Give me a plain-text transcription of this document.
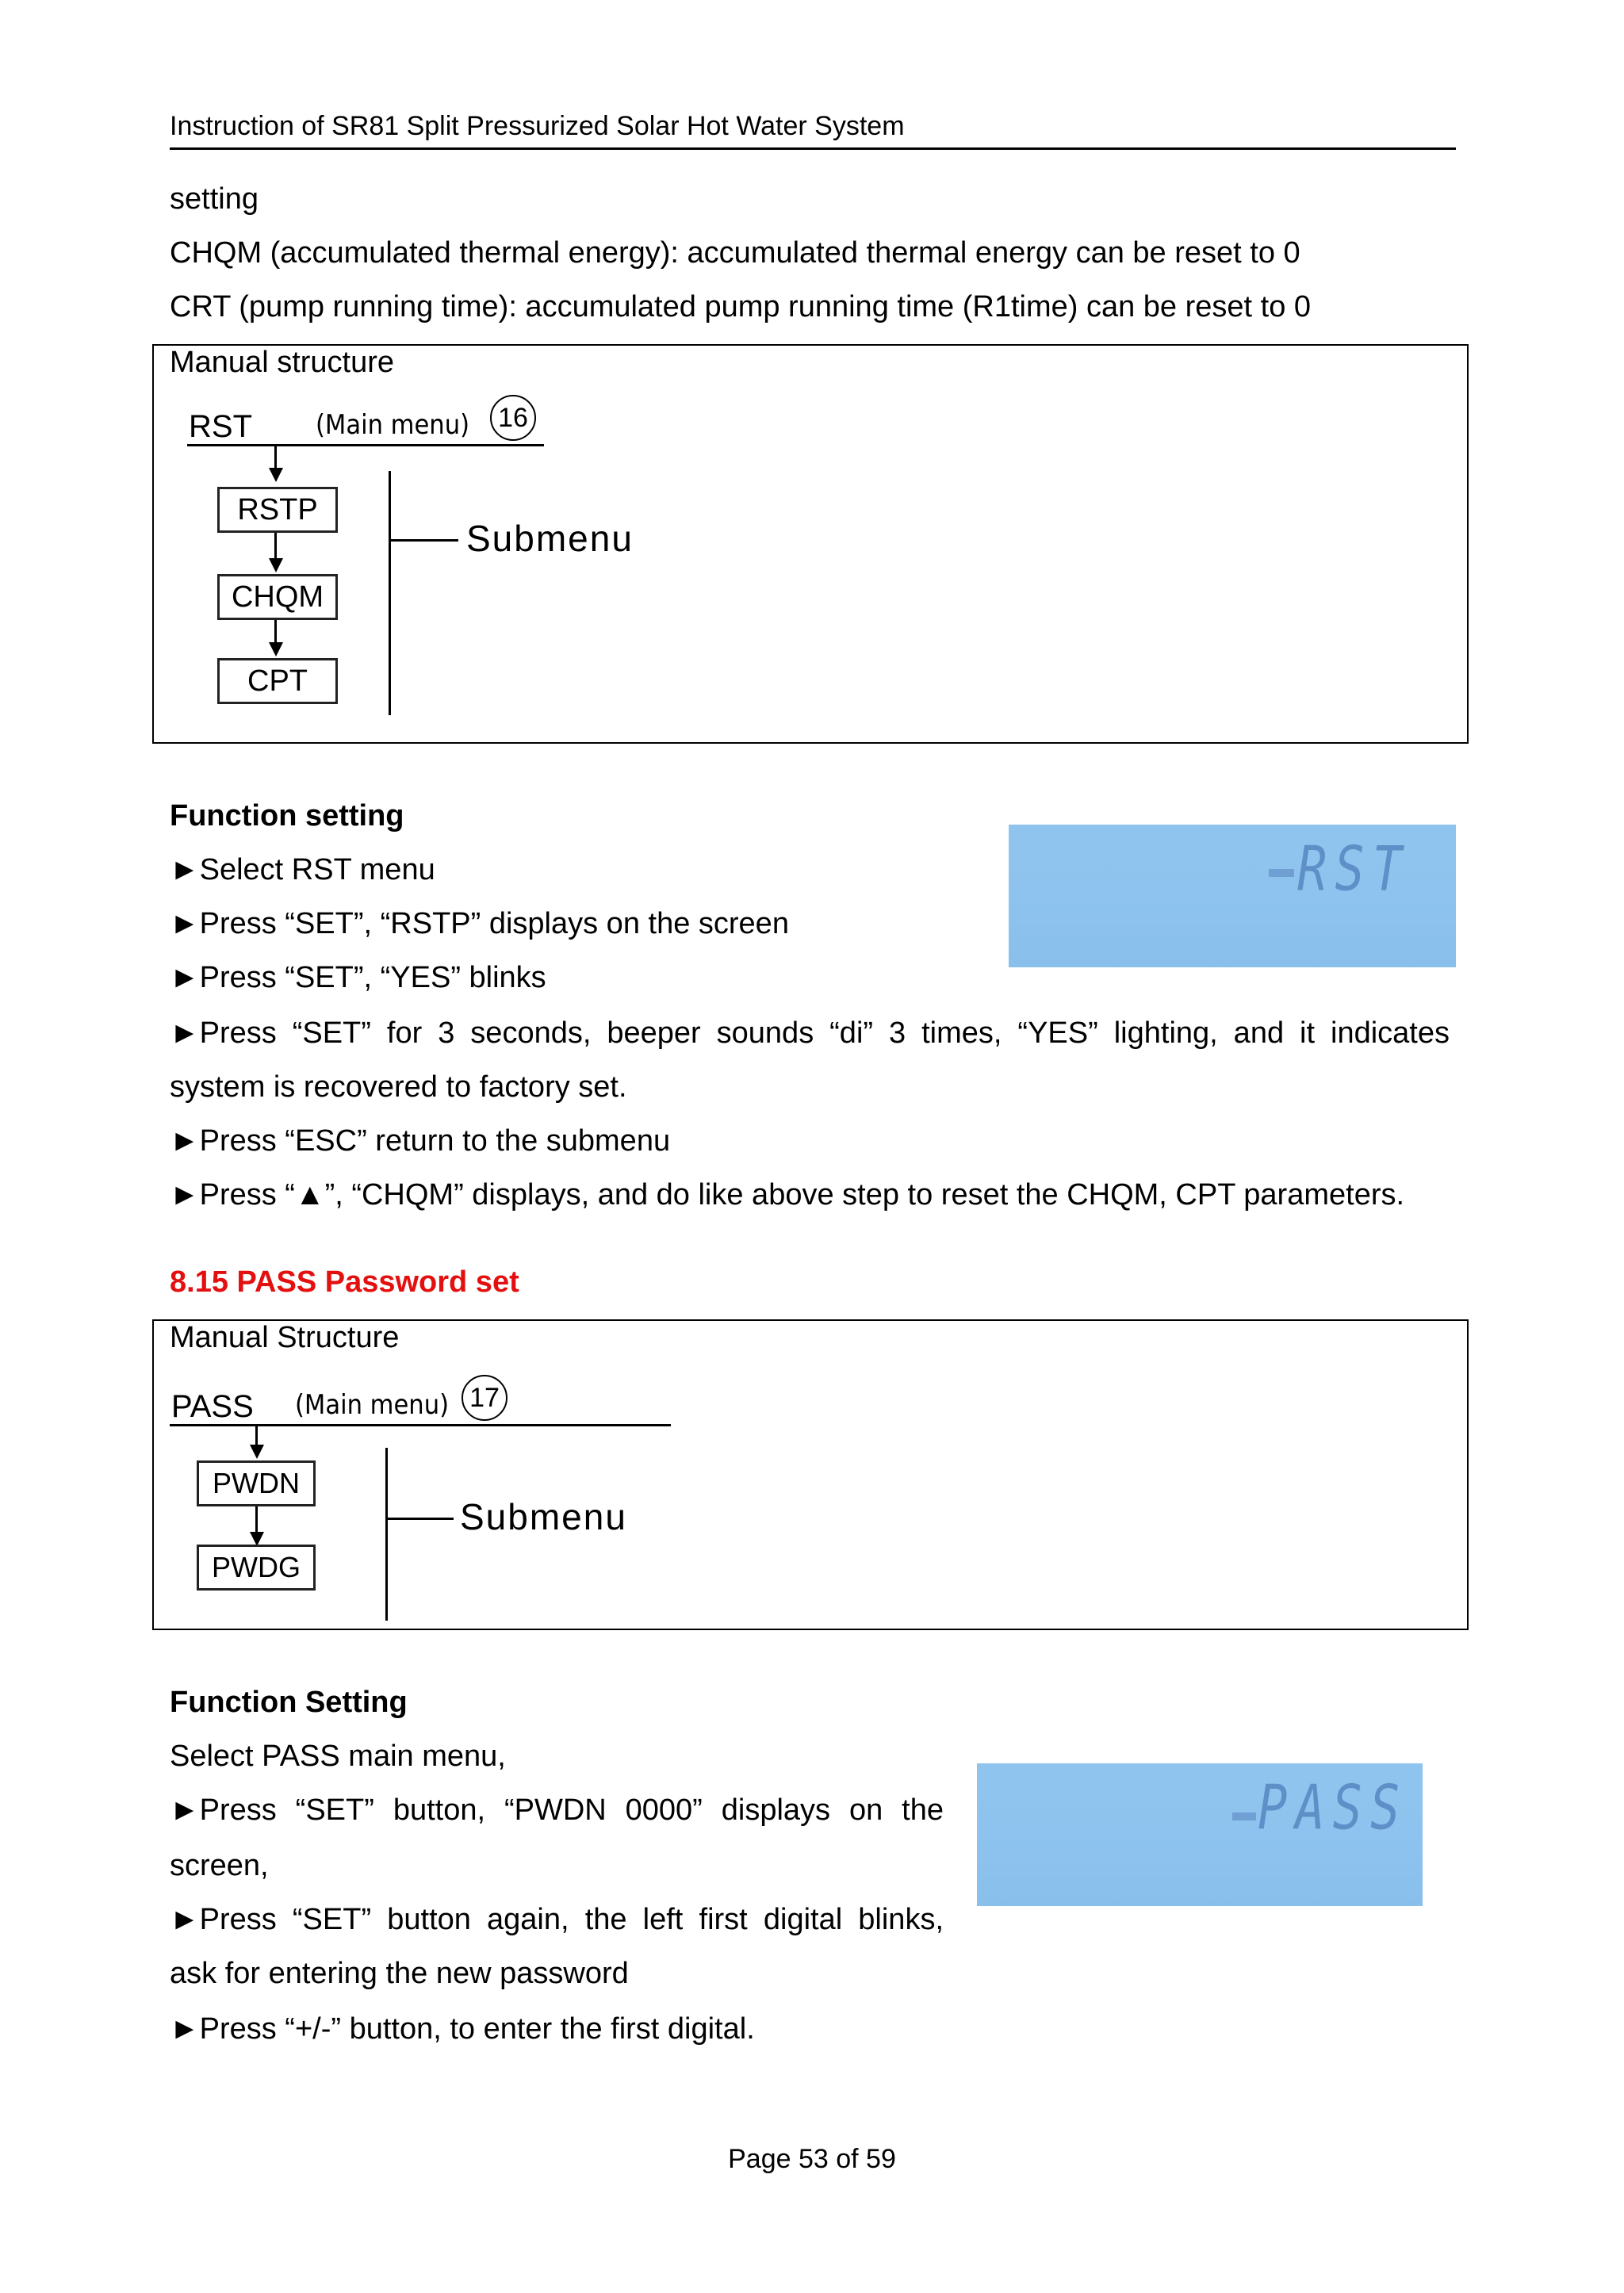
Instruction of SR81 Split Pressurized Solar Hot Water System
setting
CHQM (accumulated thermal energy): accumulated thermal energy can be reset to 0
CRT (pump running time): accumulated pump running time (R1time) can be reset to 0
Manual structure
RST (Main menu) 16
RSTP
CHQM
CPT
Submenu
Function setting
►Select RST menu
►Press “SET”, “RSTP” displays on the screen
►Press “SET”, “YES” blinks
►Press “SET” for 3 seconds, beeper sounds “di” 3 times, “YES” lighting, and it indicates
system is recovered to factory set.
►Press “ESC” return to the submenu
►Press “▲”, “CHQM” displays, and do like above step to reset the CHQM, CPT parameters.
RST
8.15 PASS Password set
Manual Structure
PASS (Main menu) 17
PWDN
PWDG
Submenu
Function Setting
Select PASS main menu,
►Press “SET” button, “PWDN 0000” displays on the
screen,
►Press “SET” button again, the left first digital blinks,
ask for entering the new password
►Press “+/-” button, to enter the first digital.
PASS
Page 53 of 59
